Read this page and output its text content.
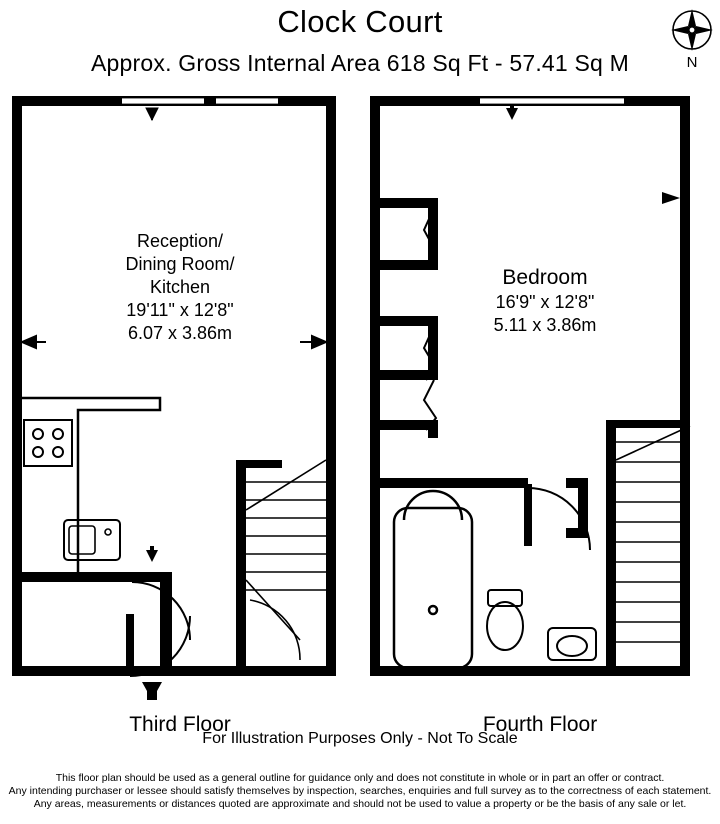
Clock Court
Approx. Gross Internal Area 618 Sq Ft - 57.41 Sq M	N
Reception/
Dining Room/
Kitchen
19'11" x 12'8"
6.07 x 3.86m
Bedroom
16'9" x 12'8"
5.11 x 3.86m
Third Floor	Fourth Floor
For Illustration Purposes Only - Not To Scale
This floor plan should be used as a general outline for guidance only and does not constitute in whole or in part an offer or contract.
Any intending purchaser or lessee should satisfy themselves by inspection, searches, enquiries and full survey as to the correctness of each statement.
Any areas, measurements or distances quoted are approximate and should not be used to value a property or be the basis of any sale or let.
